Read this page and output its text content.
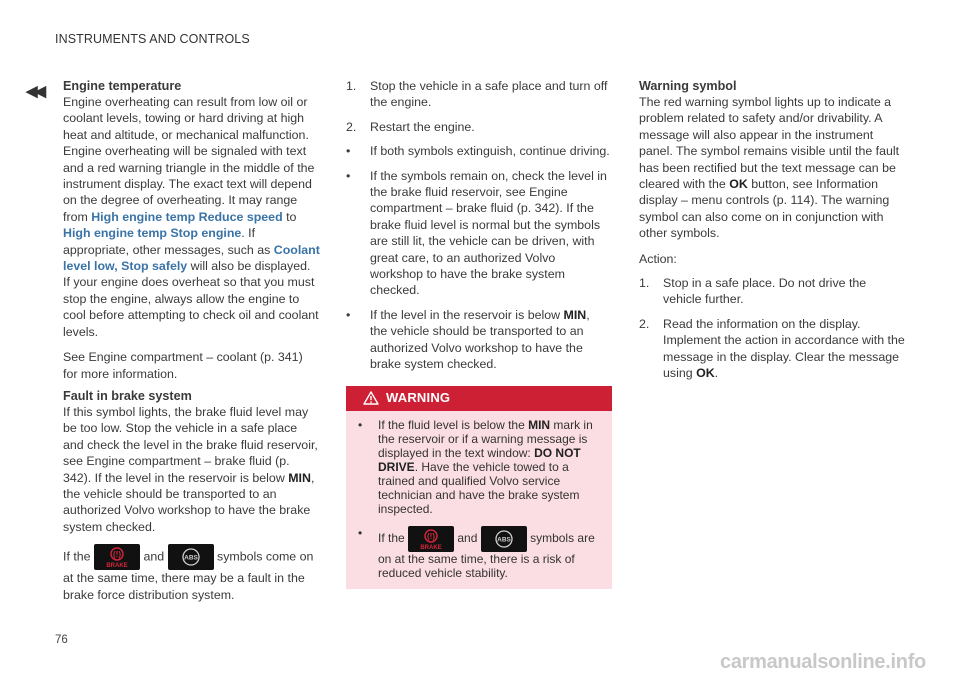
INSTRUMENTS AND CONTROLS
◀◀ Engine temperature

Engine overheating can result from low oil or coolant levels, towing or hard driving at high heat and altitude, or mechanical malfunction. Engine overheating will be signaled with text and a red warning triangle in the middle of the instrument display. The exact text will depend on the degree of overheating. It may range from High engine temp Reduce speed to High engine temp Stop engine. If appropriate, other messages, such as Coolant level low, Stop safely will also be displayed. If your engine does overheat so that you must stop the engine, always allow the engine to cool before attempting to check oil and coolant levels.

See Engine compartment – coolant (p. 341) for more information.

Fault in brake system

If this symbol lights, the brake fluid level may be too low. Stop the vehicle in a safe place and check the level in the brake fluid reservoir, see Engine compartment – brake fluid (p. 342). If the level in the reservoir is below MIN, the vehicle should be transported to an authorized Volvo workshop to have the brake system checked.

If the (!)
BRAKE
and ABS symbols come on at the same time, there may be a fault in the brake force distribution system.

1. Stop the vehicle in a safe place and turn off the engine.
2. Restart the engine.
• If both symbols extinguish, continue driving.
• If the symbols remain on, check the level in the brake fluid reservoir, see Engine compartment – brake fluid (p. 342). If the brake fluid level is normal but the symbols are still lit, the vehicle can be driven, with great care, to an authorized Volvo workshop to have the brake system checked.
• If the level in the reservoir is below MIN, the vehicle should be transported to an authorized Volvo workshop to have the brake system checked.
WARNING
• If the fluid level is below the MIN mark in the reservoir or if a warning message is displayed in the text window: DO NOT DRIVE. Have the vehicle towed to a trained and qualified Volvo service technician and have the brake system inspected.
• If the (!)
BRAKE
and ABS symbols are on at the same time, there is a risk of reduced vehicle stability.
Warning symbol

The red warning symbol lights up to indicate a problem related to safety and/or drivability. A message will also appear in the instrument panel. The symbol remains visible until the fault has been rectified but the text message can be cleared with the OK button, see Information display – menu controls (p. 114). The warning symbol can also come on in conjunction with other symbols.

Action:

1. Stop in a safe place. Do not drive the vehicle further.
2. Read the information on the display. Implement the action in accordance with the message in the display. Clear the message using OK.
76
carmanualsonline.info
